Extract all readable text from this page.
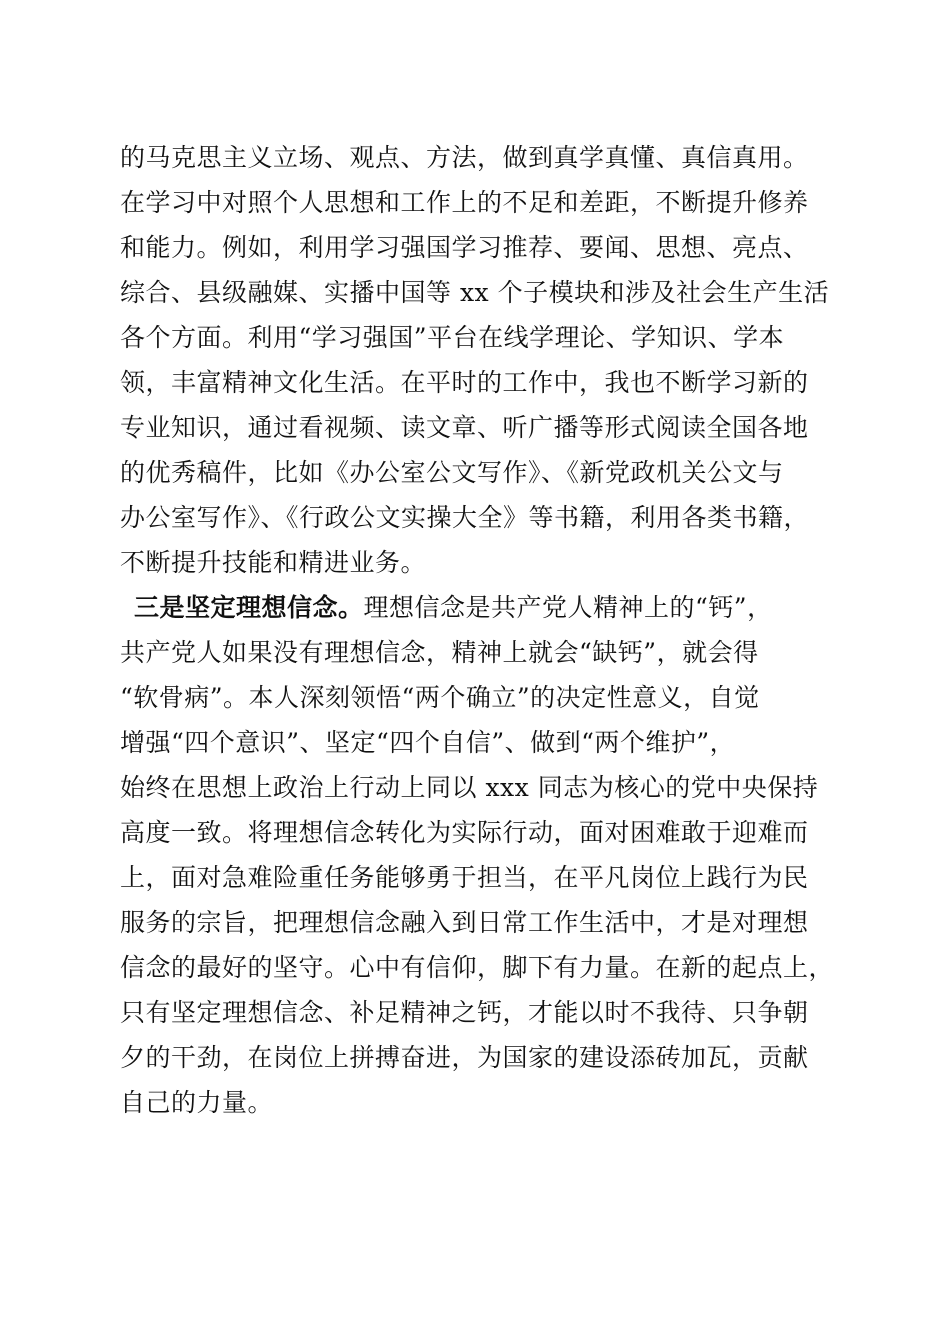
的马克思主义立场、观点、方法，做到真学真懂、真信真用。
在学习中对照个人思想和工作上的不足和差距，不断提升修养
和能力。例如，利用学习强国学习推荐、要闻、思想、亮点、
综合、县级融媒、实播中国等 xx 个子模块和涉及社会生产生活
各个方面。利用“学习强国”平台在线学理论、学知识、学本
领，丰富精神文化生活。在平时的工作中，我也不断学习新的
专业知识，通过看视频、读文章、听广播等形式阅读全国各地
的优秀稿件，比如《办公室公文写作》、《新党政机关公文与
办公室写作》、《行政公文实操大全》等书籍，利用各类书籍，
不断提升技能和精进业务。
三是坚定理想信念。理想信念是共产党人精神上的“钙”，
共产党人如果没有理想信念，精神上就会“缺钙”，就会得
“软骨病”。本人深刻领悟“两个确立”的决定性意义，自觉
增强“四个意识”、坚定“四个自信”、做到“两个维护”，
始终在思想上政治上行动上同以 xxx 同志为核心的党中央保持
高度一致。将理想信念转化为实际行动，面对困难敢于迎难而
上，面对急难险重任务能够勇于担当，在平凡岗位上践行为民
服务的宗旨，把理想信念融入到日常工作生活中，才是对理想
信念的最好的坚守。心中有信仰，脚下有力量。在新的起点上，
只有坚定理想信念、补足精神之钙，才能以时不我待、只争朝
夕的干劲，在岗位上拼搏奋进，为国家的建设添砖加瓦，贡献
自己的力量。
